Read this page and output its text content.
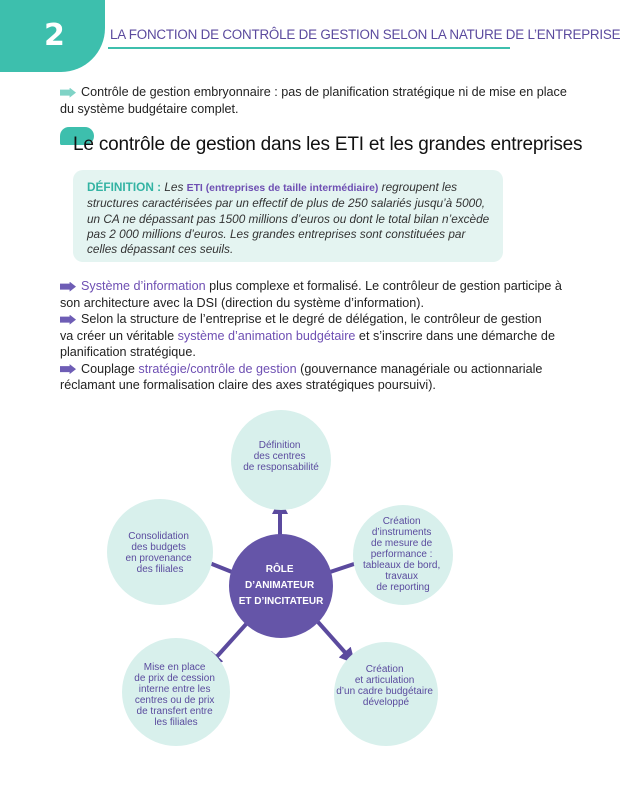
2	LA FONCTION DE CONTRÔLE DE GESTION SELON LA NATURE DE L’ENTREPRISE
Contrôle de gestion embryonnaire : pas de planification stratégique ni de mise en place
du système budgétaire complet.
Le contrôle de gestion dans les ETI et les grandes entreprises
DÉFINITION : Les ETI (entreprises de taille intermédiaire) regroupent les structures caractérisées par un effectif de plus de 250 salariés jusqu’à 5000, un CA ne dépassant pas 1500 millions d’euros ou dont le total bilan n’excède pas 2 000 millions d’euros. Les grandes entreprises sont constituées par celles dépassant ces seuils.
Système d’information plus complexe et formalisé. Le contrôleur de gestion participe à
son architecture avec la DSI (direction du système d’information).
Selon la structure de l’entreprise et le degré de délégation, le contrôleur de gestion
va créer un véritable système d’animation budgétaire et s’inscrire dans une démarche de
planification stratégique.
Couplage stratégie/contrôle de gestion (gouvernance managériale ou actionnariale
réclamant une formalisation claire des axes stratégiques poursuivi).
Définition des centres de responsabilité
Création d’instruments de mesure de performance : tableaux de bord, travaux de reporting
Création et articulation d’un cadre budgétaire développé
Mise en place de prix de cession interne entre les centres ou de prix de transfert entre les filiales
Consolidation des budgets en provenance des filiales	RÔLE D’ANIMATEUR ET D’INCITATEUR
